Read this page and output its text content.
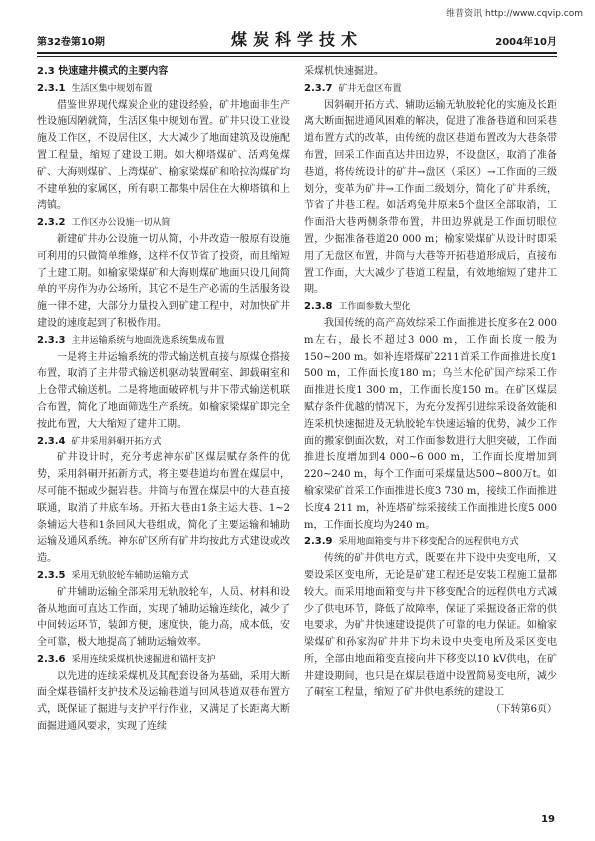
维普资讯 http://www.cqvip.com
第32卷第10期	煤炭科学技术	2004年10月
2.3 快速建井模式的主要内容
2.3.1 生活区集中规划布置

借鉴世界现代煤炭企业的建设经验，矿井地面非生产性设施因陋就简，生活区集中规划布置。矿井只设工业设施及工作区，不设居住区，大大减少了地面建筑及设施配置工程量，缩短了建设工期。如大柳塔煤矿、活鸡兔煤矿、大海则煤矿、上湾煤矿、榆家梁煤矿和哈拉沟煤矿均不建单独的家属区，所有职工都集中居住在大柳塔镇和上湾镇。

2.3.2 工作区办公设施一切从简

新建矿井办公设施一切从简，小井改造一般原有设施可利用的只做简单维修，这样不仅节省了投资，而且缩短了土建工期。如榆家梁煤矿和大海则煤矿地面只设几间简单的平房作为办公场所，其它不是生产必需的生活服务设施一律不建，大部分力量投入到矿建工程中，对加快矿井建设的速度起到了积极作用。

2.3.3 主井运输系统与地面洗选系统集成布置

一是将主井运输系统的带式输送机直接与原煤仓搭接布置，取消了主井带式输送机驱动装置硐室、卸载硐室和上仓带式输送机。二是将地面破碎机与井下带式输送机联合布置，简化了地面筛选生产系统。如榆家梁煤矿即完全按此布置，大大缩短了建井工期。

2.3.4 矿井采用斜硐开拓方式

矿井设计时，充分考虑神东矿区煤层赋存条件的优势，采用斜硐开拓新方式，将主要巷道均布置在煤层中，尽可能不掘或少掘岩巷。井筒与布置在煤层中的大巷直接联通，取消了井底车场。开拓大巷由1条主运大巷、1~2条辅运大巷和1条回风大巷组成，简化了主要运输和辅助运输及通风系统。神东矿区所有矿井均按此方式建设或改造。

2.3.5 采用无轨胶轮车辅助运输方式

矿井辅助运输全部采用无轨胶轮车，人员、材料和设备从地面可直达工作面，实现了辅助运输连续化，减少了中间转运环节，装卸方便，速度快，能力高，成本低，安全可靠，极大地提高了辅助运输效率。

2.3.6 采用连续采煤机快速掘进和锚杆支护

以先进的连续采煤机及其配套设备为基础，采用大断面全煤巷锚杆支护技术及运输巷道与回风巷道双巷布置方式，既保证了掘进与支护平行作业，又满足了长距离大断面掘进通风要求，实现了连续

采煤机快速掘进。

2.3.7 矿井无盘区布置

因斜硐开拓方式、辅助运输无轨胶轮化的实施及长距离大断面掘进通风困难的解决，促进了准备巷道和回采巷道布置方式的改革，由传统的盘区巷道布置改为大巷条带布置，回采工作面直达井田边界，不设盘区，取消了准备巷道，将传统设计的矿井→盘区（采区）→工作面的三级划分，变革为矿井→工作面二级划分，简化了矿井系统，节省了井巷工程。如活鸡兔井原来5个盘区全部取消，工作面沿大巷两侧条带布置，井田边界就是工作面切眼位置，少掘准备巷道20 000 m；榆家梁煤矿从设计时即采用了无盘区布置，井筒与大巷等开拓巷道形成后，直接布置工作面，大大减少了巷道工程量，有效地缩短了建井工期。

2.3.8 工作面参数大型化

我国传统的高产高效综采工作面推进长度多在2 000 m左右，最长不超过3 000 m，工作面长度一般为150~200 m。如补连塔煤矿2211首采工作面推进长度1 500 m，工作面长度180 m；乌兰木伦矿国产综采工作面推进长度1 300 m，工作面长度150 m。在矿区煤层赋存条件优越的情况下，为充分发挥引进综采设备效能和连采机快速掘进及无轨胶轮车快速运输的优势，减少工作面的搬家倒面次数，对工作面参数进行大胆突破，工作面推进长度增加到4 000~6 000 m，工作面长度增加到220~240 m，每个工作面可采煤量达500~800万t。如榆家梁矿首采工作面推进长度3 730 m，接续工作面推进长度4 211 m，补连塔矿综采接续工作面推进长度5 000 m，工作面长度均为240 m。

2.3.9 采用地面箱变与井下移变配合的远程供电方式

传统的矿井供电方式，既要在井下设中央变电所，又要设采区变电所，无论是矿建工程还是安装工程施工量都较大。而采用地面箱变与井下移变配合的远程供电方式减少了供电环节，降低了故障率，保证了采掘设备正常的供电要求，为矿井快速建设提供了可靠的电力保证。如榆家梁煤矿和孙家沟矿井井下均未设中央变电所及采区变电所，全部由地面箱变直接向井下移变以10 kV供电，在矿井建设期间，也只是在煤层巷道中设置简易变电所，减少了硐室工程量，缩短了矿井供电系统的建设工

（下转第6页）
19
